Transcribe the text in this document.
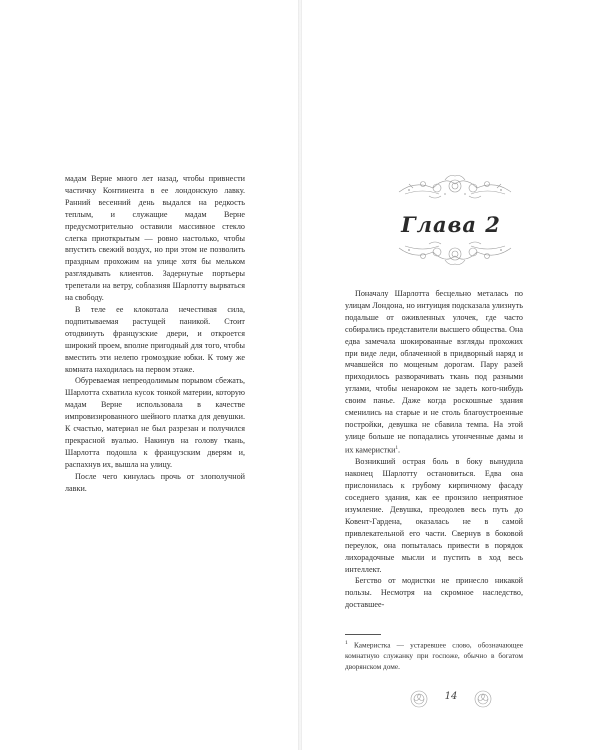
мадам Верне много лет назад, чтобы привнести частичку Континента в ее лондонскую лавку. Ранний весенний день выдался на редкость теплым, и служащие мадам Верне предусмотрительно оставили массивное стекло слегка приоткрытым — ровно настолько, чтобы впустить свежий воздух, но при этом не позволить праздным прохожим на улице хотя бы мельком разглядывать клиентов. Задернутые портьеры трепетали на ветру, соблазняя Шарлотту вырваться на свободу.

В теле ее клокотала нечестивая сила, подпитываемая растущей паникой. Стоит отодвинуть французские двери, и откроется широкий проем, вполне пригодный для того, чтобы вместить эти нелепо громоздкие юбки. К тому же комната находилась на первом этаже.

Обуреваемая непреодолимым порывом сбежать, Шарлотта схватила кусок тонкой материи, которую мадам Верне использовала в качестве импровизированного шейного платка для девушки. К счастью, материал не был разрезан и получился прекрасной вуалью. Накинув на голову ткань, Шарлотта подошла к французским дверям и, распахнув их, вышла на улицу.

После чего кинулась прочь от злополучной лавки.

Глава 2

Поначалу Шарлотта бесцельно металась по улицам Лондона, но интуиция подсказала улизнуть подальше от оживленных улочек, где часто собирались представители высшего общества. Она едва замечала шокированные взгляды прохожих при виде леди, облаченной в придворный наряд и мчавшейся по мощеным дорогам. Пару разей приходилось разворачивать ткань под разными углами, чтобы ненароком не задеть кого-нибудь своим панье. Даже когда роскошные здания сменились на старые и не столь благоустроенные постройки, девушка не сбавила темпа. На этой улице больше не попадались утонченные дамы и их камеристки$^1$.

Возникший острая боль в боку вынудила наконец Шарлотту остановиться. Едва она прислонилась к грубому кирпичному фасаду соседнего здания, как ее пронзило неприятное изумление. Девушка, преодолев весь путь до Ковент-Гардена, оказалась не в самой привлекательной его части. Свернув в боковой переулок, она попыталась привести в порядок лихорадочные мысли и пустить в ход весь интеллект.

Бегство от модистки не принесло никакой пользы. Несмотря на скромное наследство, доставшее-

$^1$ Камеристка — устаревшее слово, обозначающее комнатную служанку при госпоже, обычно в богатом дворянском доме.
14
